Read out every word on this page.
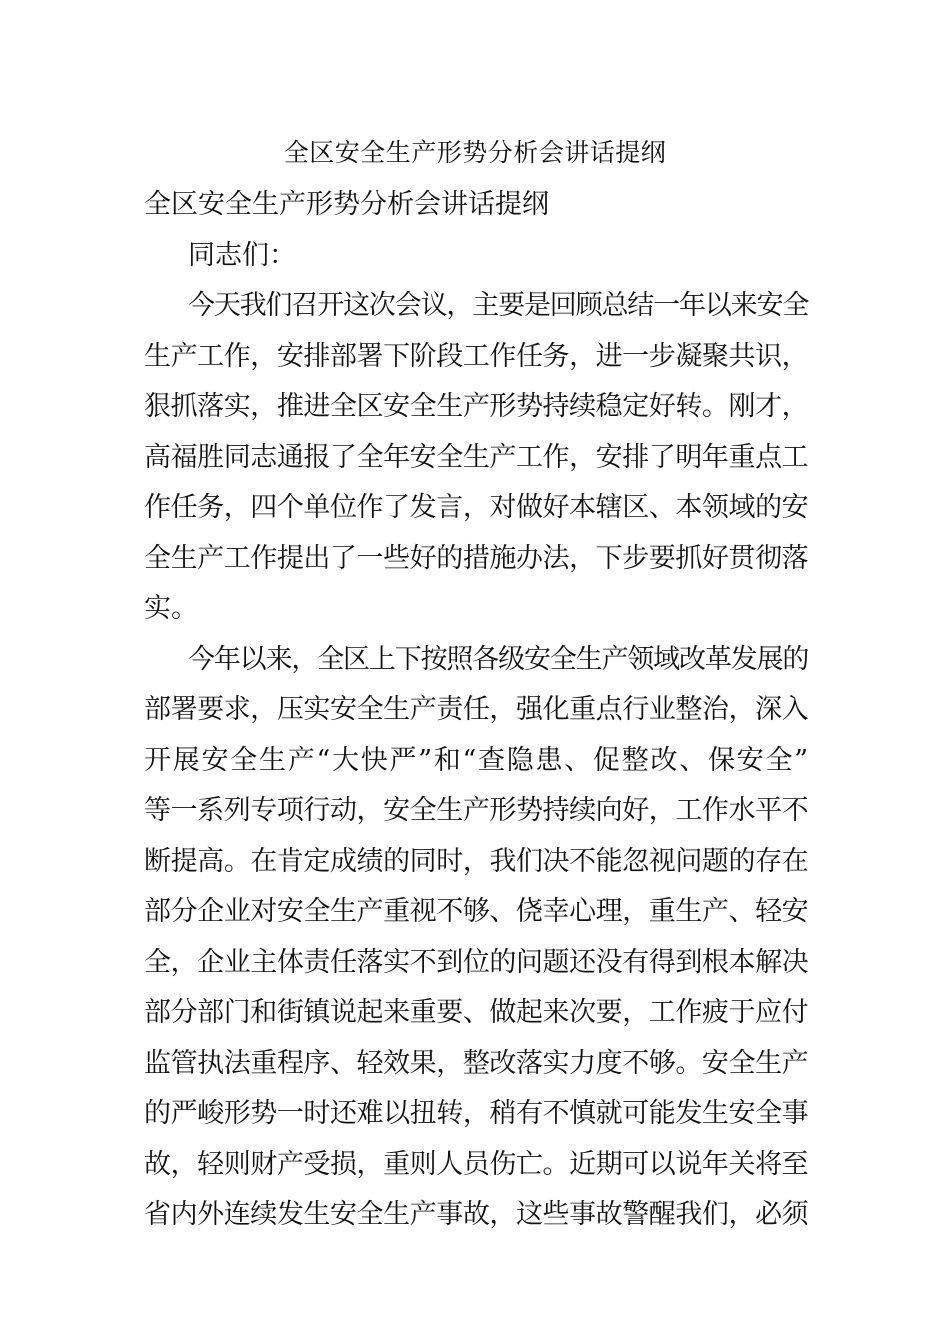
全区安全生产形势分析会讲话提纲
全区安全生产形势分析会讲话提纲
同志们：
今天我们召开这次会议，主要是回顾总结一年以来安全
生产工作，安排部署下阶段工作任务，进一步凝聚共识，
狠抓落实，推进全区安全生产形势持续稳定好转。刚才，
高福胜同志通报了全年安全生产工作，安排了明年重点工
作任务，四个单位作了发言，对做好本辖区、本领域的安
全生产工作提出了一些好的措施办法，下步要抓好贯彻落
实。
今年以来，全区上下按照各级安全生产领域改革发展的
部署要求，压实安全生产责任，强化重点行业整治，深入
开展安全生产“大快严”和“查隐患、促整改、保安全”
等一系列专项行动，安全生产形势持续向好，工作水平不
断提高。在肯定成绩的同时，我们决不能忽视问题的存在
部分企业对安全生产重视不够、侥幸心理，重生产、轻安
全，企业主体责任落实不到位的问题还没有得到根本解决
部分部门和街镇说起来重要、做起来次要，工作疲于应付
监管执法重程序、轻效果，整改落实力度不够。安全生产
的严峻形势一时还难以扭转，稍有不慎就可能发生安全事
故，轻则财产受损，重则人员伤亡。近期可以说年关将至
省内外连续发生安全生产事故，这些事故警醒我们，必须
